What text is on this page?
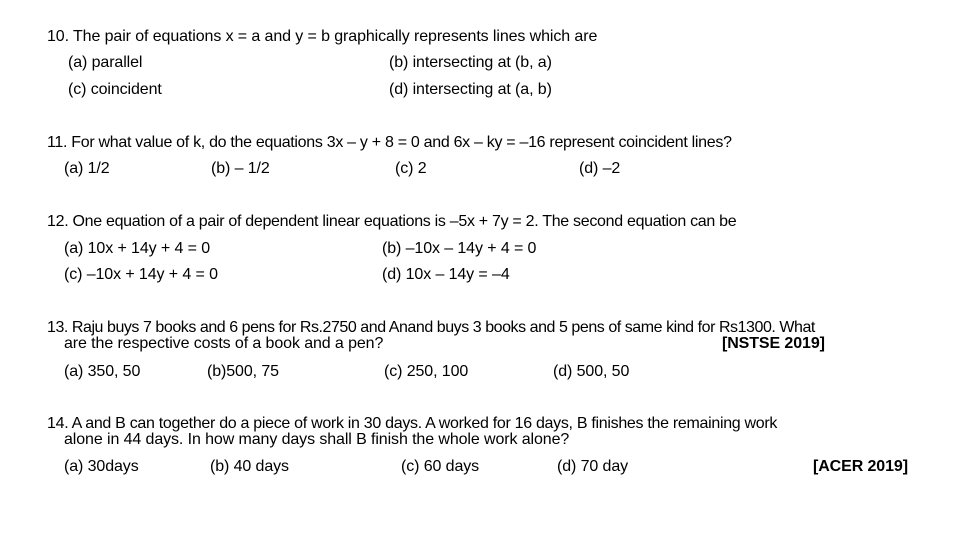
10. The pair of equations x = a and y = b graphically represents lines which are
(a) parallel	(b) intersecting at (b, a)
(c) coincident	(d) intersecting at (a, b)
11. For what value of k, do the equations 3x – y + 8 = 0 and 6x – ky = –16 represent coincident lines?
(a) 1/2	(b) – 1/2	(c) 2	(d) –2
12. One equation of a pair of dependent linear equations is –5x + 7y = 2. The second equation can be
(a) 10x + 14y + 4 = 0	(b) –10x – 14y + 4 = 0
(c) –10x + 14y + 4 = 0	(d) 10x – 14y = –4
13. Raju buys 7 books and 6 pens for Rs.2750 and Anand buys 3 books and 5 pens of same kind for Rs1300. What
are the respective costs of a book and a pen?	[NSTSE 2019]
(a) 350, 50	(b)500, 75	(c) 250, 100	(d) 500, 50
14. A and B can together do a piece of work in 30 days. A worked for 16 days, B finishes the remaining work
alone in 44 days. In how many days shall B finish the whole work alone?
(a) 30days	(b) 40 days	(c) 60 days	(d) 70 day	[ACER 2019]
